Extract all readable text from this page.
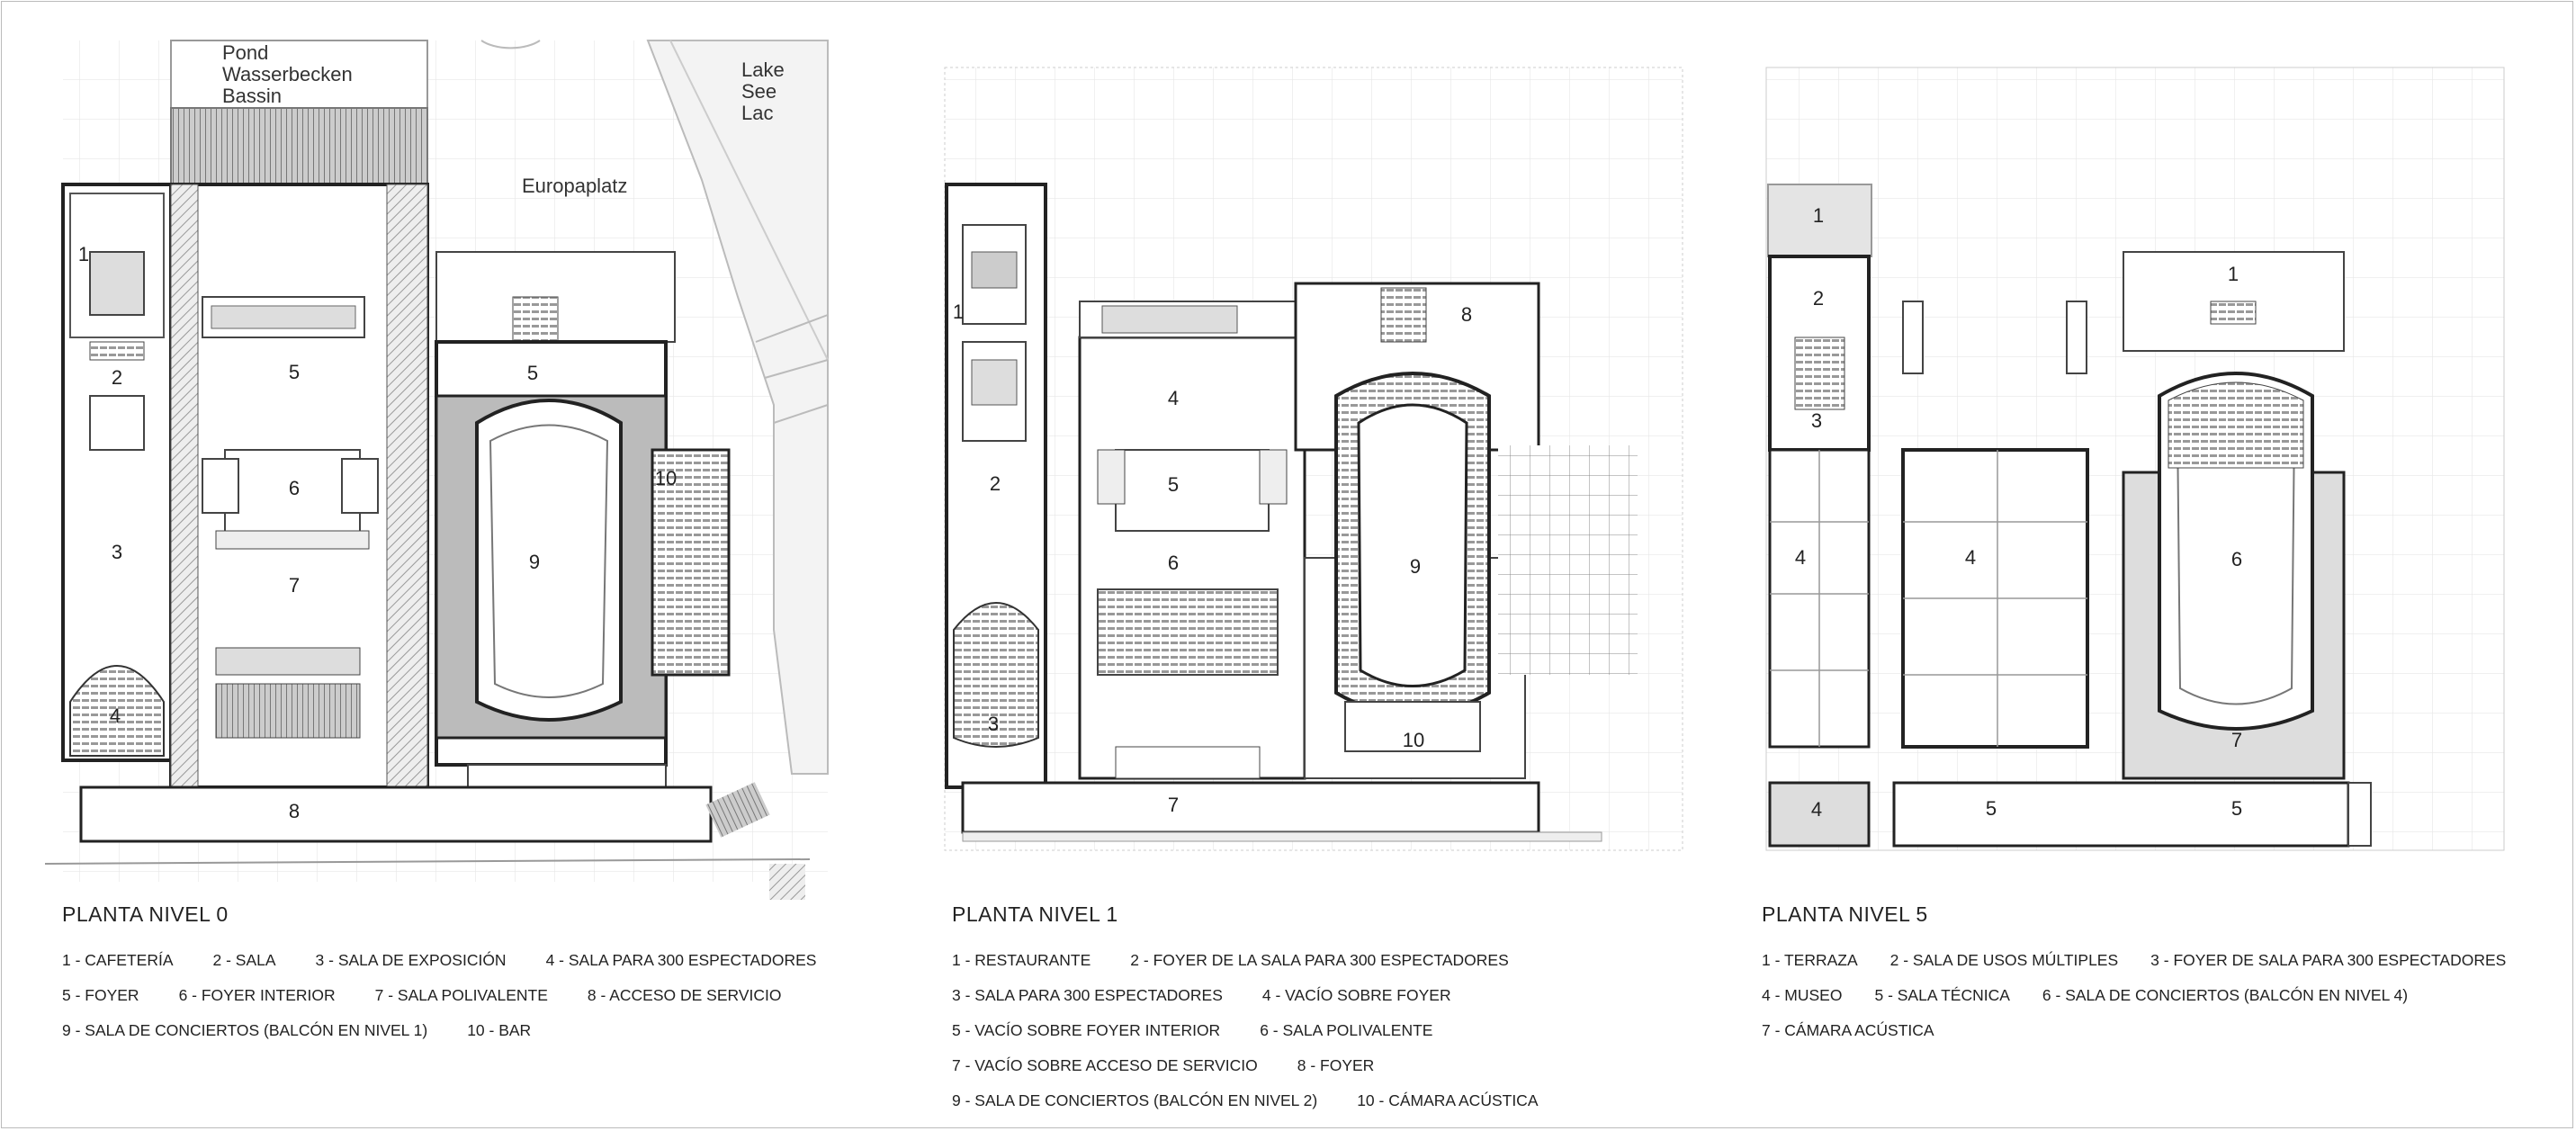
Pond
Wasserbecken
Bassin
Lake
See
Lac
Europaplatz
1
2
3
4
5	5
6
7
8
9
10
PLANTA NIVEL 0
1 - CAFETERÍA	2 - SALA	3 - SALA DE EXPOSICIÓN	4 - SALA PARA 300 ESPECTADORES
5 - FOYER	6 - FOYER INTERIOR	7 - SALA POLIVALENTE	8 - ACCESO DE SERVICIO
9 - SALA DE CONCIERTOS (BALCÓN EN NIVEL 1)	10 - BAR
1
2
3
4
5
6
7
8
9
10
PLANTA NIVEL 1
1 - RESTAURANTE	2 - FOYER DE LA SALA PARA 300 ESPECTADORES
3 - SALA PARA 300 ESPECTADORES	4 - VACÍO SOBRE FOYER
5 - VACÍO SOBRE FOYER INTERIOR	6 - SALA POLIVALENTE
7 - VACÍO SOBRE ACCESO DE SERVICIO	8 - FOYER
9 - SALA DE CONCIERTOS (BALCÓN EN NIVEL 2)	10 - CÁMARA ACÚSTICA
1
1
2
3
4	4
4	5	5
6
7
PLANTA NIVEL 5
1 - TERRAZA 2 - SALA DE USOS MÚLTIPLES 3 - FOYER DE SALA PARA 300 ESPECTADORES
4 - MUSEO 5 - SALA TÉCNICA 6 - SALA DE CONCIERTOS (BALCÓN EN NIVEL 4)
7 - CÁMARA ACÚSTICA
